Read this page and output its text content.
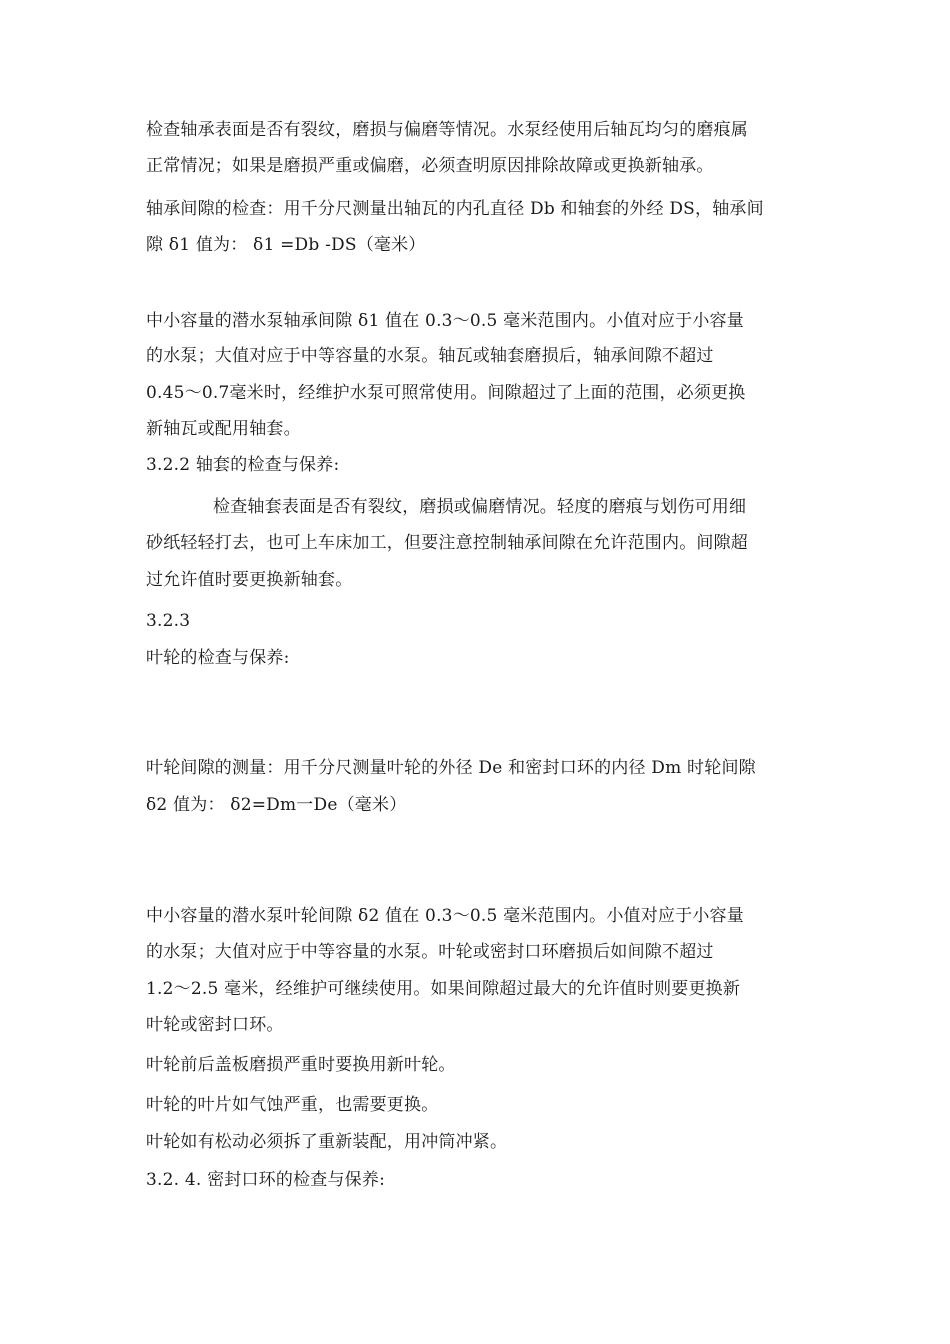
检查轴承表面是否有裂纹，磨损与偏磨等情况。水泵经使用后轴瓦均匀的磨痕属
正常情况；如果是磨损严重或偏磨，必须查明原因排除故障或更换新轴承。
轴承间隙的检查：用千分尺测量出轴瓦的内孔直径 Db 和轴套的外经 DS，轴承间
隙 δ1 值为： δ1 =Db -DS（毫米）
中小容量的潜水泵轴承间隙 δ1 值在 0.3～0.5 毫米范围内。小值对应于小容量
的水泵；大值对应于中等容量的水泵。轴瓦或轴套磨损后，轴承间隙不超过
0.45～0.7毫米时，经维护水泵可照常使用。间隙超过了上面的范围，必须更换
新轴瓦或配用轴套。
3.2.2 轴套的检查与保养:
检查轴套表面是否有裂纹，磨损或偏磨情况。轻度的磨痕与划伤可用细
砂纸轻轻打去，也可上车床加工，但要注意控制轴承间隙在允许范围内。间隙超
过允许值时要更换新轴套。
3.2.3
叶轮的检查与保养:
叶轮间隙的测量：用千分尺测量叶轮的外径 De 和密封口环的内径 Dm 时轮间隙
δ2 值为： δ2=Dm一De（毫米）
中小容量的潜水泵叶轮间隙 δ2 值在 0.3～0.5 毫米范围内。小值对应于小容量
的水泵；大值对应于中等容量的水泵。叶轮或密封口环磨损后如间隙不超过
1.2～2.5 毫米，经维护可继续使用。如果间隙超过最大的允许值时则要更换新
叶轮或密封口环。
叶轮前后盖板磨损严重时要换用新叶轮。
叶轮的叶片如气蚀严重，也需要更换。
叶轮如有松动必须拆了重新装配，用冲筒冲紧。
3.2. 4. 密封口环的检查与保养:
